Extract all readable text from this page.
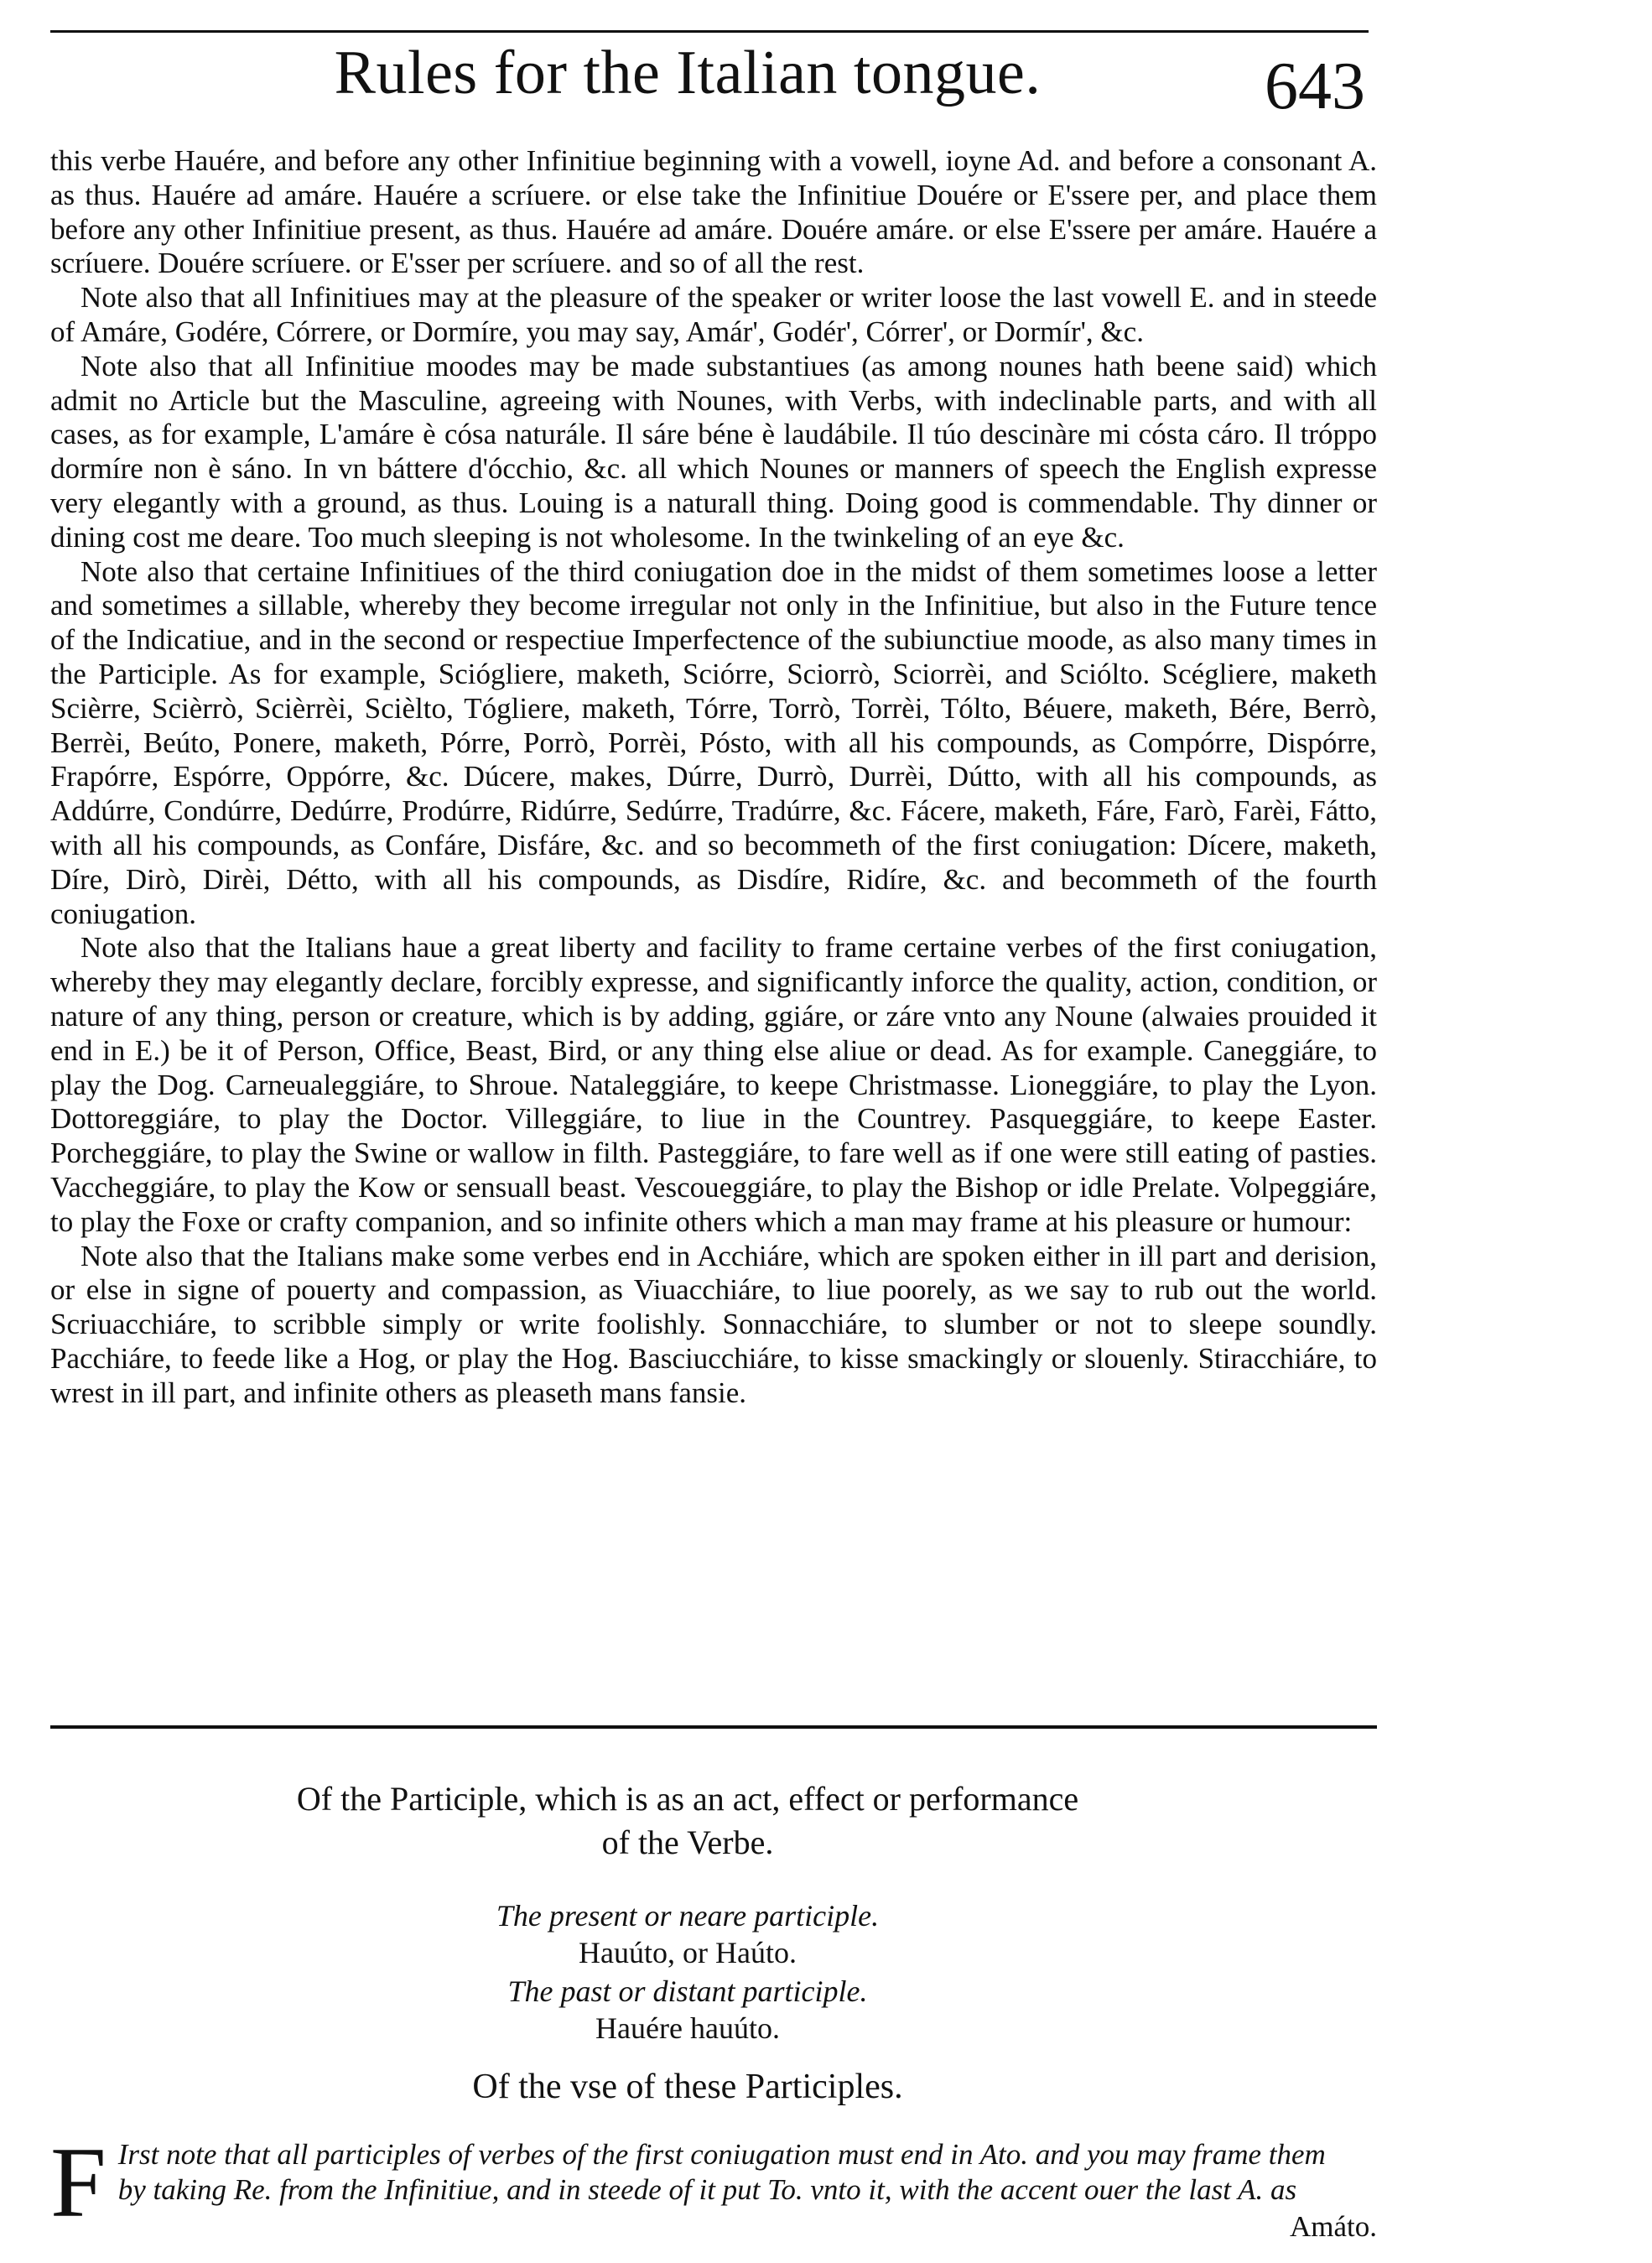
Rules for the Italian tongue.	643

this verbe Hauére, and before any other Infinitiue beginning with a vowell, ioyne Ad. and before a consonant A. as thus. Hauére ad amáre. Hauére a scríuere. or else take the Infinitiue Douére or E'ssere per, and place them before any other Infinitiue present, as thus. Hauére ad amáre. Douére amáre. or else E'ssere per amáre. Hauére a scríuere. Douére scríuere. or E'sser per scríuere. and so of all the rest.

Note also that all Infinitiues may at the pleasure of the speaker or writer loose the last vowell E. and in steede of Amáre, Godére, Córrere, or Dormíre, you may say, Amár', Godér', Córrer', or Dormír', &c.

Note also that all Infinitiue moodes may be made substantiues (as among nounes hath beene said) which admit no Article but the Masculine, agreeing with Nounes, with Verbs, with indeclinable parts, and with all cases, as for example, L'amáre è cósa naturále. Il sáre béne è laudábile. Il túo descinàre mi cósta cáro. Il tróppo dormíre non è sáno. In vn báttere d'ócchio, &c. all which Nounes or manners of speech the English expresse very elegantly with a ground, as thus. Louing is a naturall thing. Doing good is commendable. Thy dinner or dining cost me deare. Too much sleeping is not wholesome. In the twinkeling of an eye &c.

Note also that certaine Infinitiues of the third coniugation doe in the midst of them sometimes loose a letter and sometimes a sillable, whereby they become irregular not only in the Infinitiue, but also in the Future tence of the Indicatiue, and in the second or respectiue Imperfectence of the subiunctiue moode, as also many times in the Participle. As for example, Sciógliere, maketh, Sciórre, Sciorrò, Sciorrèi, and Sciólto. Scégliere, maketh Scièrre, Scièrrò, Scièrrèi, Scièlto, Tógliere, maketh, Tórre, Torrò, Torrèi, Tólto, Béuere, maketh, Bére, Berrò, Berrèi, Beúto, Ponere, maketh, Pórre, Porrò, Porrèi, Pósto, with all his compounds, as Compórre, Dispórre, Frapórre, Espórre, Oppórre, &c. Dúcere, makes, Dúrre, Durrò, Durrèi, Dútto, with all his compounds, as Addúrre, Condúrre, Dedúrre, Prodúrre, Ridúrre, Sedúrre, Tradúrre, &c. Fácere, maketh, Fáre, Farò, Farèi, Fátto, with all his compounds, as Confáre, Disfáre, &c. and so becommeth of the first coniugation: Dícere, maketh, Díre, Dirò, Dirèi, Détto, with all his compounds, as Disdíre, Ridíre, &c. and becommeth of the fourth coniugation.

Note also that the Italians haue a great liberty and facility to frame certaine verbes of the first coniugation, whereby they may elegantly declare, forcibly expresse, and significantly inforce the quality, action, condition, or nature of any thing, person or creature, which is by adding, ggiáre, or záre vnto any Noune (alwaies prouided it end in E.) be it of Person, Office, Beast, Bird, or any thing else aliue or dead. As for example. Caneggiáre, to play the Dog. Carneualeggiáre, to Shroue. Nataleggiáre, to keepe Christmasse. Lioneggiáre, to play the Lyon. Dottoreggiáre, to play the Doctor. Villeggiáre, to liue in the Countrey. Pasqueggiáre, to keepe Easter. Porcheggiáre, to play the Swine or wallow in filth. Pasteggiáre, to fare well as if one were still eating of pasties. Vaccheggiáre, to play the Kow or sensuall beast. Vescoueggiáre, to play the Bishop or idle Prelate. Volpeggiáre, to play the Foxe or crafty companion, and so infinite others which a man may frame at his pleasure or humour:

Note also that the Italians make some verbes end in Acchiáre, which are spoken either in ill part and derision, or else in signe of pouerty and compassion, as Viuacchiáre, to liue poorely, as we say to rub out the world. Scriuacchiáre, to scribble simply or write foolishly. Sonnacchiáre, to slumber or not to sleepe soundly. Pacchiáre, to feede like a Hog, or play the Hog. Basciucchiáre, to kisse smackingly or slouenly. Stiracchiáre, to wrest in ill part, and infinite others as pleaseth mans fansie.

Of the Participle, which is as an act, effect or performance
of the Verbe.
The present or neare participle.
Hauúto, or Haúto.
The past or distant participle.
Hauére hauúto.
Of the vse of these Participles.
F Irst note that all participles of verbes of the first coniugation must end in Ato. and you may frame them
by taking Re. from the Infinitiue, and in steede of it put To. vnto it, with the accent ouer the last A. as
Amáto.
